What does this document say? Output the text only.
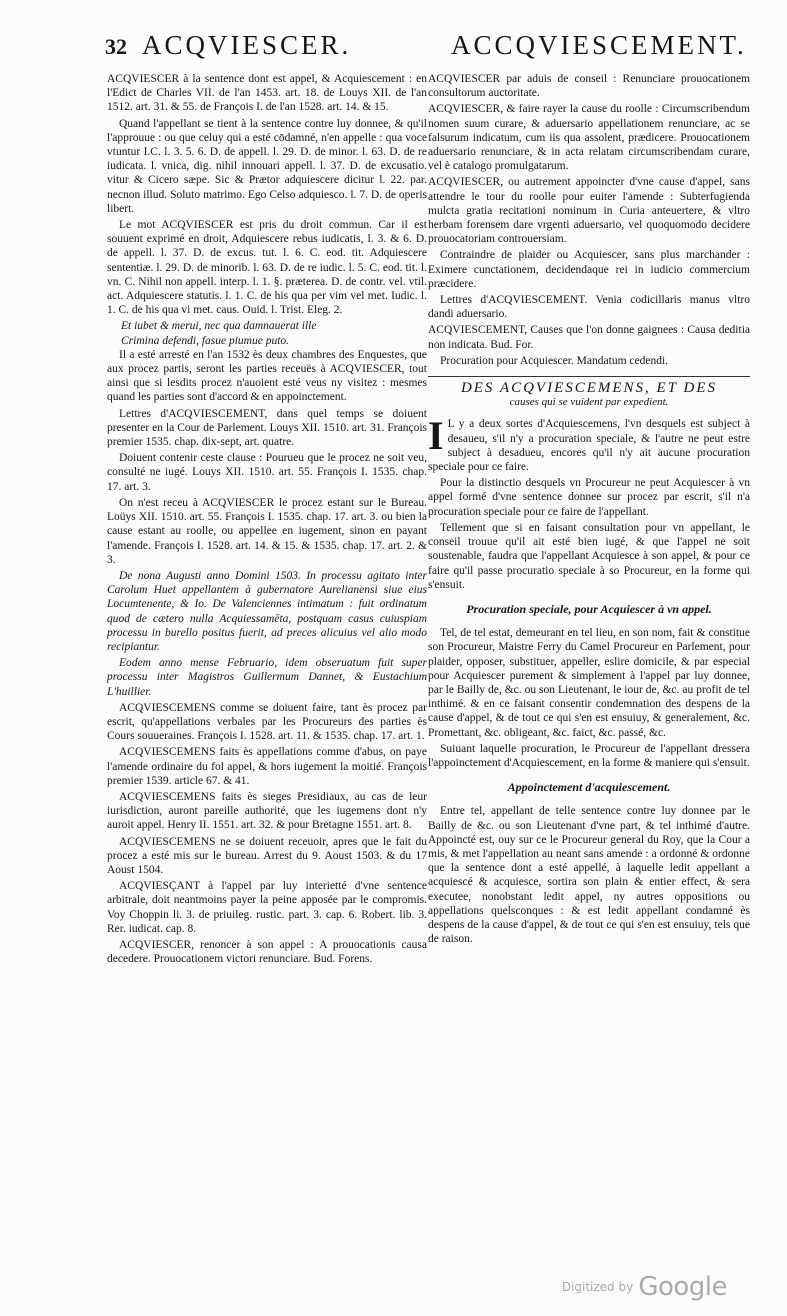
32 ACQVIESCER.	ACCQVIESCEMENT.

ACQVIESCER à la sentence dont est appel, & Acquiescement : en l'Edict de Charles VII. de l'an 1453. art. 18. de Louys XII. de l'an 1512. art. 31. & 55. de François I. de l'an 1528. art. 14. & 15.

Quand l'appellant se tient à la sentence contre luy donnee, & qu'il l'approuue : ou que celuy qui a esté cōdamné, n'en appelle : qua voce vtuntur I.C. l. 3. 5. 6. D. de appell. l. 29. D. de minor. l. 63. D. de re iudicata. l. vnica, dig. nihil innouari appell. l. 37. D. de excusatio. vitur & Cicero sæpe. Sic & Prætor adquiescere dicitur l. 22. par. necnon illud. Soluto matrimo. Ego Celso adquiesco. l. 7. D. de operis libert.

Le mot ACQVIESCER est pris du droit commun. Car il est souuent exprimé en droit, Adquiescere rebus iudicatis, l. 3. & 6. D. de appell. l. 37. D. de excus. tut. l. 6. C. eod. tit. Adquiescere sententiæ. l. 29. D. de minorib. l. 63. D. de re iudic. l. 5. C. eod. tit. l. vn. C. Nihil non appell. interp. l. 1. §. præterea. D. de contr. vel. vtil. act. Adquiescere statutis. l. 1. C. de his qua per vim vel met. Iudic. l. 1. C. de his qua vi met. caus. Ouid. l. Trist. Eleg. 2.

Et iubet & merui, nec qua damnauerat ille
Crimina defendi, fasue piumue puto.

Il a esté arresté en l'an 1532 ès deux chambres des Enquestes, que aux procez partis, seront les parties receuës à ACQVIESCER, tout ainsi que si lesdits procez n'auoient esté veus ny visitez : mesmes quand les parties sont d'accord & en appoinctement.

Lettres d'ACQVIESCEMENT, dans quel temps se doiuent presenter en la Cour de Parlement. Louys XII. 1510. art. 31. François premier 1535. chap. dix-sept, art. quatre.

Doiuent contenir ceste clause : Pourueu que le procez ne soit veu, consulté ne iugé. Louys XII. 1510. art. 55. François I. 1535. chap. 17. art. 3.

On n'est receu à ACQVIESCER le procez estant sur le Bureau. Loüys XII. 1510. art. 55. François I. 1535. chap. 17. art. 3. ou bien la cause estant au roolle, ou appellee en iugement, sinon en payant l'amende. François I. 1528. art. 14. & 15. & 1535. chap. 17. art. 2. & 3.

De nona Augusti anno Domini 1503. In processu agitato inter Carolum Huet appellantem à gubernatore Aurelianensi siue eius Locumtenente, & Io. De Valenciennes intimatum : fuit ordinatum quod de cætero nulla Acquiessamēta, postquam casus cuiuspiam processu in burello positus fuerit, ad preces alicuius vel alio modo recipiantur.

Eodem anno mense Februario, idem obseruatum fuit super processu inter Magistros Guillermum Dannet, & Eustachium L'huillier.

ACQVIESCEMENS comme se doiuent faire, tant ès procez par escrit, qu'appellations verbales par les Procureurs des parties ès Cours souueraines. François I. 1528. art. 11. & 1535. chap. 17. art. 1.

ACQVIESCEMENS faits ès appellations comme d'abus, on paye l'amende ordinaire du fol appel, & hors iugement la moitié. François premier 1539. article 67. & 41.

ACQVIESCEMENS faits ès sieges Presidiaux, au cas de leur iurisdiction, auront pareille authorité, que les iugemens dont n'y auroit appel. Henry II. 1551. art. 32. & pour Bretagne 1551. art. 8.

ACQVIESCEMENS ne se doiuent receuoir, apres que le fait du procez a esté mis sur le bureau. Arrest du 9. Aoust 1503. & du 17 Aoust 1504.

ACQVIESÇANT à l'appel par luy interietté d'vne sentence arbitrale, doit neantmoins payer la peine apposée par le compromis. Voy Choppin li. 3. de priuileg. rustic. part. 3. cap. 6. Robert. lib. 3. Rer. iudicat. cap. 8.

ACQVIESCER, renoncer à son appel : A prouocationis causa decedere. Prouocationem victori renunciare. Bud. Forens.

ACQVIESCER par aduis de conseil : Renunciare prouocationem consultorum auctoritate.

ACQVIESCER, & faire rayer la cause du roolle : Circumscribendum nomen suum curare, & aduersario appellationem renunciare, ac se falsurum indicatum, cum iis qua assolent, prædicere. Prouocationem aduersario renunciare, & in acta relatam circumscribendam curare, vel è catalogo promulgatarum.

ACQVIESCER, ou autrement appoincter d'vne cause d'appel, sans attendre le tour du roolle pour euiter l'amende : Subterfugienda mulcta gratia recitationi nominum in Curia anteuertere, & vltro herbam forensem dare vrgenti aduersario, vel quoquomodo decidere prouocatoriam controuersiam.

Contraindre de plaider ou Acquiescer, sans plus marchander : Eximere cunctationem, decidendaque rei in iudicio commercium præcidere.

Lettres d'ACQVIESCEMENT. Venia codicillaris manus vltro dandi aduersario.

ACQVIESCEMENT, Causes que l'on donne gaignees : Causa deditia non indicata. Bud. For.

Procuration pour Acquiescer. Mandatum cedendi.

DES ACQVIESCEMENS, ET DES
causes qui se vuident par expedient.

I L y a deux sortes d'Acquiescemens, l'vn desquels est subject à desaueu, s'il n'y a procuration speciale, & l'autre ne peut estre subject à desadueu, encores qu'il n'y ait aucune procuration speciale pour ce faire.

Pour la distinctio desquels vn Procureur ne peut Acquiescer à vn appel formé d'vne sentence donnee sur procez par escrit, s'il n'a procuration speciale pour ce faire de l'appellant.

Tellement que si en faisant consultation pour vn appellant, le conseil trouue qu'il ait esté bien iugé, & que l'appel ne soit soustenable, faudra que l'appellant Acquiesce à son appel, & pour ce faire qu'il passe procuratio speciale à so Procureur, en la forme qui s'ensuit.

Procuration speciale, pour Acquiescer à vn appel.

Tel, de tel estat, demeurant en tel lieu, en son nom, fait & constitue son Procureur, Maistre Ferry du Camel Procureur en Parlement, pour plaider, opposer, substituer, appeller, eslire domicile, & par especial pour Acquiescer purement & simplement à l'appel par luy donnee, par le Bailly de, &c. ou son Lieutenant, le iour de, &c. au profit de tel inthimé. & en ce faisant consentir condemnation des despens de la cause d'appel, & de tout ce qui s'en est ensuiuy, & generalement, &c. Promettant, &c. obligeant, &c. faict, &c. passé, &c.

Suiuant laquelle procuration, le Procureur de l'appellant dressera l'appoinctement d'Acquiescement, en la forme & maniere qui s'ensuit.

Appoinctement d'acquiescement.

Entre tel, appellant de telle sentence contre luy donnee par le Bailly de &c. ou son Lieutenant d'vne part, & tel inthimé d'autre. Appoincté est, ouy sur ce le Procureur general du Roy, que la Cour a mis, & met l'appellation au neant sans amende : a ordonné & ordonne que la sentence dont a esté appellé, à laquelle ledit appellant a acquiescé & acquiesce, sortira son plain & entier effect, & sera executee, nonobstant ledit appel, ny autres oppositions ou appellations quelsconques : & est ledit appellant condamné ès despens de la cause d'appel, & de tout ce qui s'en est ensuiuy, tels que de raison.

Digitized by Google
